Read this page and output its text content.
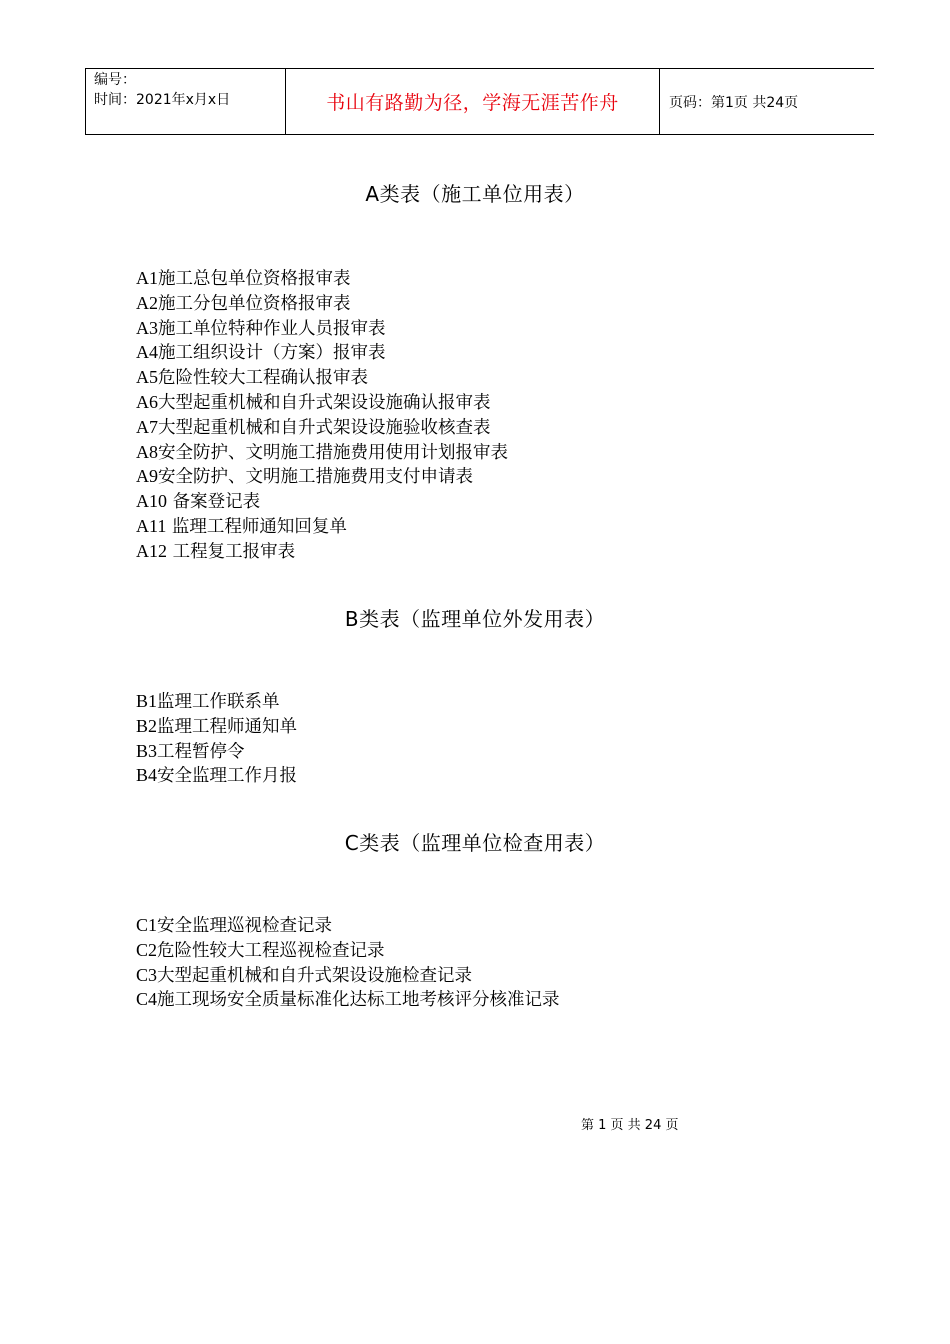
编号：
时间：2021年x月x日	书山有路勤为径，学海无涯苦作舟	页码：第1页 共24页
A类表（施工单位用表）
A1施工总包单位资格报审表
A2施工分包单位资格报审表
A3施工单位特种作业人员报审表
A4施工组织设计（方案）报审表
A5危险性较大工程确认报审表
A6大型起重机械和自升式架设设施确认报审表
A7大型起重机械和自升式架设设施验收核查表
A8安全防护、文明施工措施费用使用计划报审表
A9安全防护、文明施工措施费用支付申请表
A10 备案登记表
A11 监理工程师通知回复单
A12 工程复工报审表
B类表（监理单位外发用表）
B1监理工作联系单
B2监理工程师通知单
B3工程暂停令
B4安全监理工作月报
C类表（监理单位检查用表）
C1安全监理巡视检查记录
C2危险性较大工程巡视检查记录
C3大型起重机械和自升式架设设施检查记录
C4施工现场安全质量标准化达标工地考核评分核准记录
第 1 页 共 24 页
